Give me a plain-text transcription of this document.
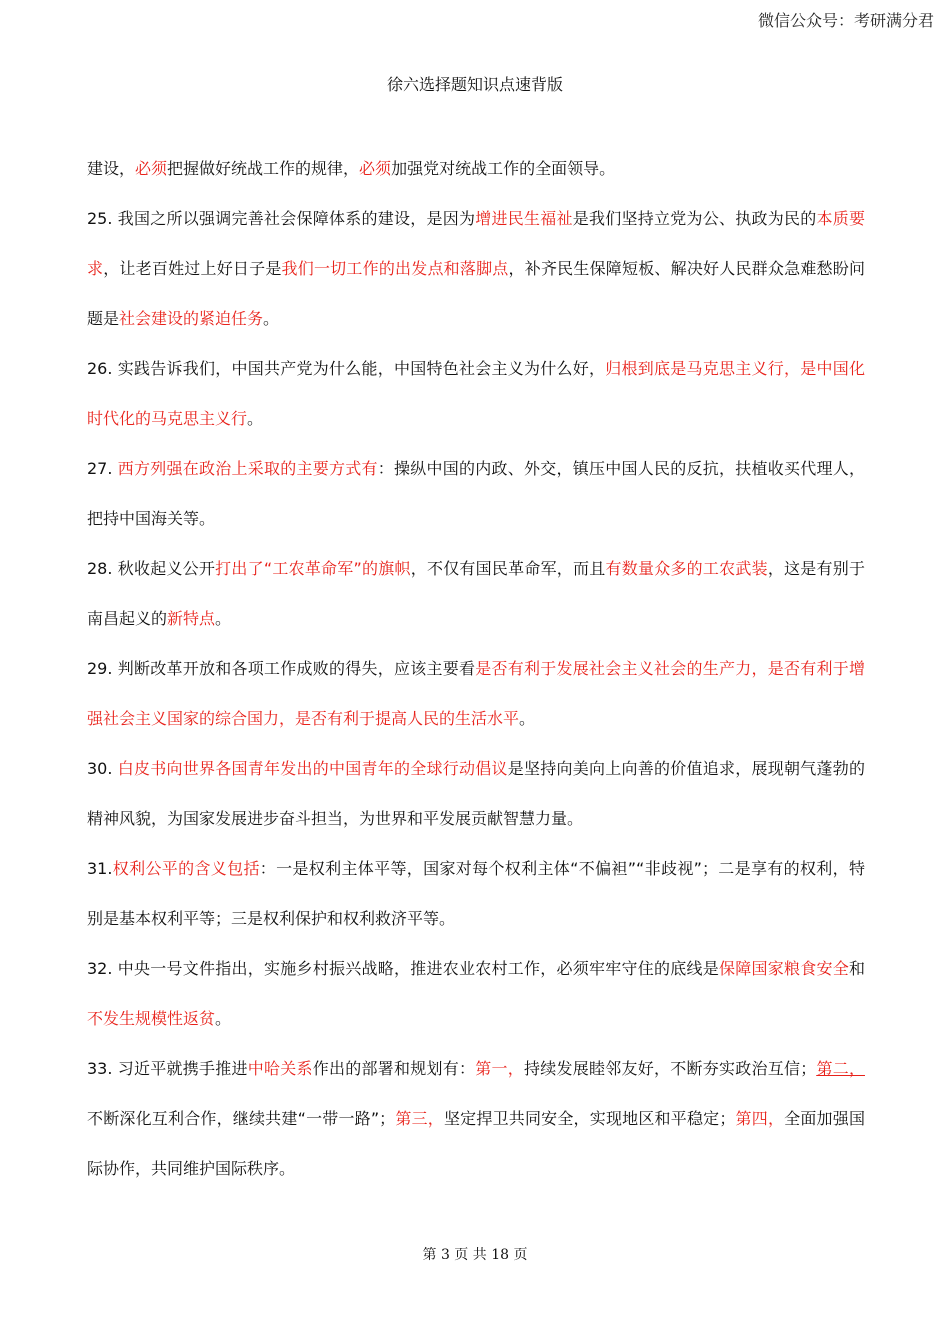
微信公众号：考研满分君
徐六选择题知识点速背版

建设，必须把握做好统战工作的规律，必须加强党对统战工作的全面领导。

25. 我国之所以强调完善社会保障体系的建设，是因为增进民生福祉是我们坚持立党为公、执政为民的本质要求，让老百姓过上好日子是我们一切工作的出发点和落脚点，补齐民生保障短板、解决好人民群众急难愁盼问题是社会建设的紧迫任务。

26. 实践告诉我们，中国共产党为什么能，中国特色社会主义为什么好，归根到底是马克思主义行，是中国化时代化的马克思主义行。

27. 西方列强在政治上采取的主要方式有：操纵中国的内政、外交，镇压中国人民的反抗，扶植收买代理人，把持中国海关等。

28. 秋收起义公开打出了“工农革命军”的旗帜，不仅有国民革命军，而且有数量众多的工农武装，这是有别于南昌起义的新特点。

29. 判断改革开放和各项工作成败的得失，应该主要看是否有利于发展社会主义社会的生产力，是否有利于增强社会主义国家的综合国力，是否有利于提高人民的生活水平。

30. 白皮书向世界各国青年发出的中国青年的全球行动倡议是坚持向美向上向善的价值追求，展现朝气蓬勃的精神风貌，为国家发展进步奋斗担当，为世界和平发展贡献智慧力量。

31.权利公平的含义包括：一是权利主体平等，国家对每个权利主体“不偏袒”“非歧视”；二是享有的权利，特别是基本权利平等；三是权利保护和权利救济平等。

32. 中央一号文件指出，实施乡村振兴战略，推进农业农村工作，必须牢牢守住的底线是保障国家粮食安全和不发生规模性返贫。

33. 习近平就携手推进中哈关系作出的部署和规划有：第一，持续发展睦邻友好，不断夯实政治互信；第二，不断深化互利合作，继续共建“一带一路”；第三，坚定捍卫共同安全，实现地区和平稳定；第四，全面加强国际协作，共同维护国际秩序。

第 3 页 共 18 页
